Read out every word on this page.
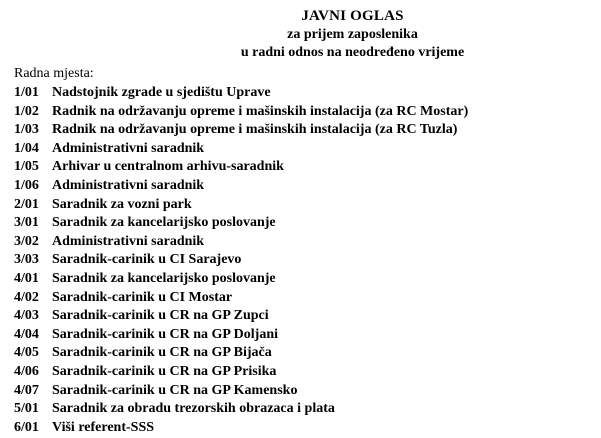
JAVNI OGLAS
za prijem zaposlenika
u radni odnos na neodređeno vrijeme
Radna mjesta:
1/01 Nadstojnik zgrade u sjedištu Uprave
1/02 Radnik na održavanju opreme i mašinskih instalacija (za RC Mostar)
1/03 Radnik na održavanju opreme i mašinskih instalacija (za RC Tuzla)
1/04 Administrativni saradnik
1/05 Arhivar u centralnom arhivu-saradnik
1/06 Administrativni saradnik
2/01 Saradnik za vozni park
3/01 Saradnik za kancelarijsko poslovanje
3/02 Administrativni saradnik
3/03 Saradnik-carinik u CI Sarajevo
4/01 Saradnik za kancelarijsko poslovanje
4/02 Saradnik-carinik u CI Mostar
4/03 Saradnik-carinik u CR na GP Zupci
4/04 Saradnik-carinik u CR na GP Doljani
4/05 Saradnik-carinik u CR na GP Bijača
4/06 Saradnik-carinik u CR na GP Prisika
4/07 Saradnik-carinik u CR na GP Kamensko
5/01 Saradnik za obradu trezorskih obrazaca i plata
6/01 Viši referent-SSS
